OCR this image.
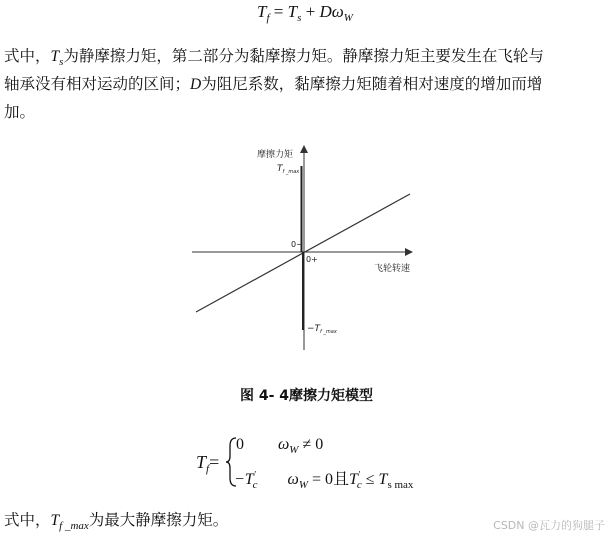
$T_f = T_s + D\omega_W$
式中，$T_s$为静摩擦力矩，第二部分为黏摩擦力矩。静摩擦力矩主要发生在飞轮与
轴承没有相对运动的区间；D为阻尼系数，黏摩擦力矩随着相对速度的增加而增
加。
摩擦力矩
飞轮转速
$T_{f \_max}$
$-T_{f \_max}$
0−
0+
图 4- 4摩擦力矩模型
$T_f=$
0 $\omega_W \ne 0$
$-T'_c$ $\omega_W = 0$且$T'_c \le T_{s max}$
式中，$T_{f \_max}$为最大静摩擦力矩。	CSDN @瓦力的狗腿子
